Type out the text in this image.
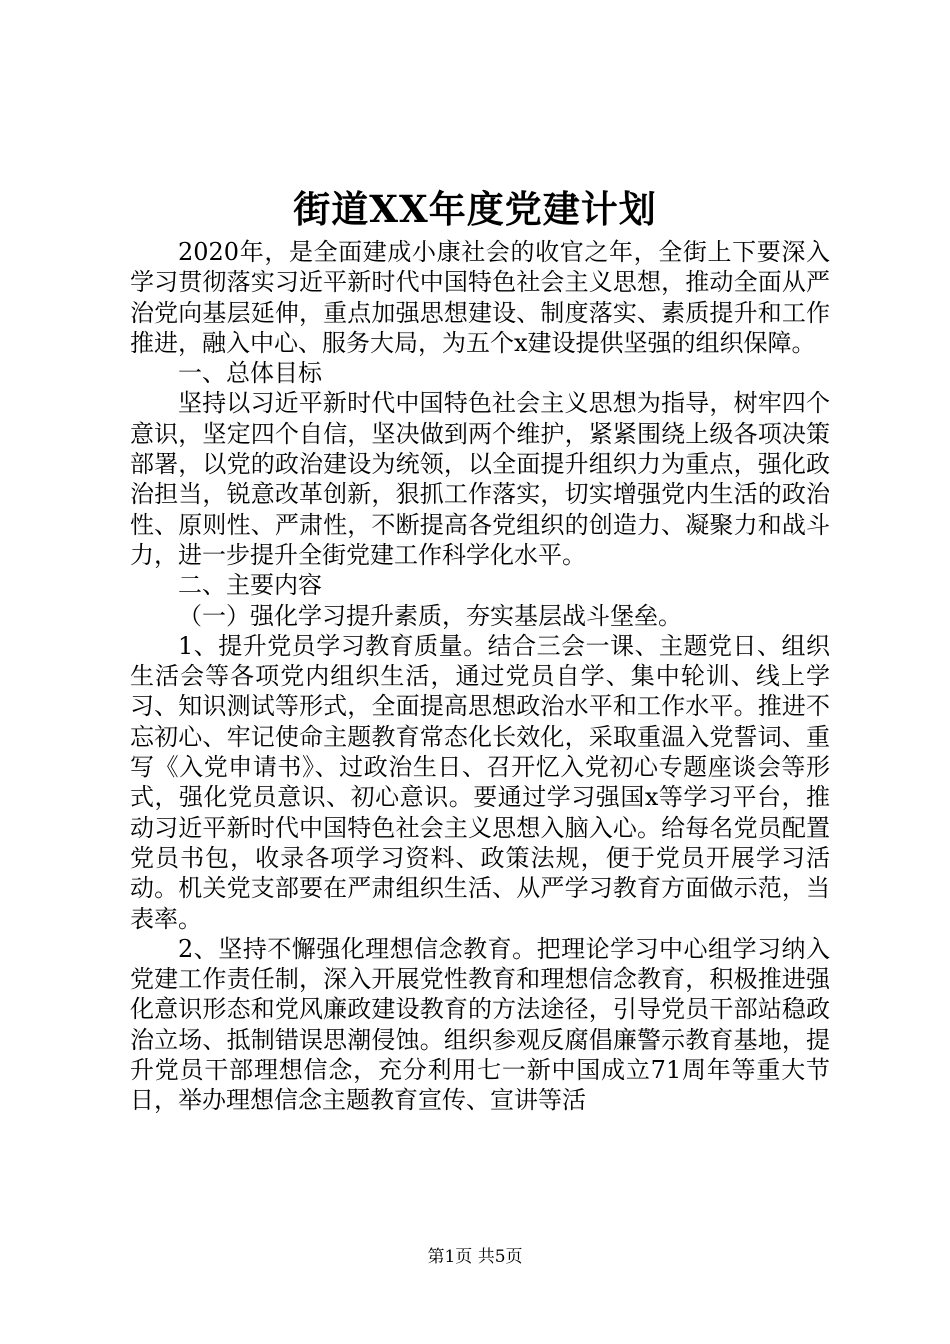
街道XX年度党建计划

2020年，是全面建成小康社会的收官之年，全街上下要深入学习贯彻落实习近平新时代中国特色社会主义思想，推动全面从严治党向基层延伸，重点加强思想建设、制度落实、素质提升和工作推进，融入中心、服务大局，为五个x建设提供坚强的组织保障。

一、总体目标

坚持以习近平新时代中国特色社会主义思想为指导，树牢四个意识，坚定四个自信，坚决做到两个维护，紧紧围绕上级各项决策部署，以党的政治建设为统领，以全面提升组织力为重点，强化政治担当，锐意改革创新，狠抓工作落实，切实增强党内生活的政治性、原则性、严肃性，不断提高各党组织的创造力、凝聚力和战斗力，进一步提升全街党建工作科学化水平。

二、主要内容

（一）强化学习提升素质，夯实基层战斗堡垒。

1、提升党员学习教育质量。结合三会一课、主题党日、组织生活会等各项党内组织生活，通过党员自学、集中轮训、线上学习、知识测试等形式，全面提高思想政治水平和工作水平。推进不忘初心、牢记使命主题教育常态化长效化，采取重温入党誓词、重写《入党申请书》、过政治生日、召开忆入党初心专题座谈会等形式，强化党员意识、初心意识。要通过学习强国x等学习平台，推动习近平新时代中国特色社会主义思想入脑入心。给每名党员配置党员书包，收录各项学习资料、政策法规，便于党员开展学习活动。机关党支部要在严肃组织生活、从严学习教育方面做示范，当表率。

2、坚持不懈强化理想信念教育。把理论学习中心组学习纳入党建工作责任制，深入开展党性教育和理想信念教育，积极推进强化意识形态和党风廉政建设教育的方法途径，引导党员干部站稳政治立场、抵制错误思潮侵蚀。组织参观反腐倡廉警示教育基地，提升党员干部理想信念，充分利用七一新中国成立71周年等重大节日，举办理想信念主题教育宣传、宣讲等活

第1页 共5页
